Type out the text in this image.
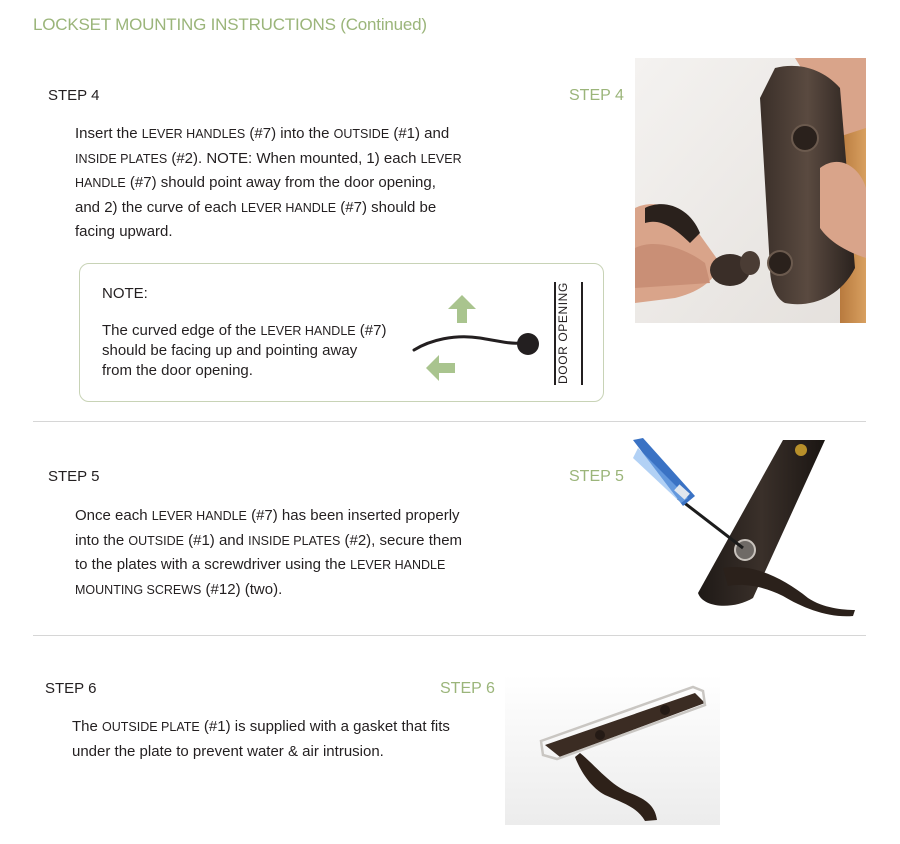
LOCKSET MOUNTING INSTRUCTIONS (Continued)
STEP 4	STEP 4
Insert the LEVER HANDLES (#7) into the OUTSIDE (#1) and
INSIDE PLATES (#2). NOTE: When mounted, 1) each LEVER
HANDLE (#7) should point away from the door opening,
and 2) the curve of each LEVER HANDLE (#7) should be
facing upward.
NOTE:
The curved edge of the LEVER HANDLE (#7)
should be facing up and pointing away
from the door opening.	DOOR OPENING
STEP 5	STEP 5
Once each LEVER HANDLE (#7) has been inserted properly
into the OUTSIDE (#1) and INSIDE PLATES (#2), secure them
to the plates with a screwdriver using the LEVER HANDLE
MOUNTING SCREWS (#12) (two).
STEP 6	STEP 6
The OUTSIDE PLATE (#1) is supplied with a gasket that fits
under the plate to prevent water & air intrusion.
